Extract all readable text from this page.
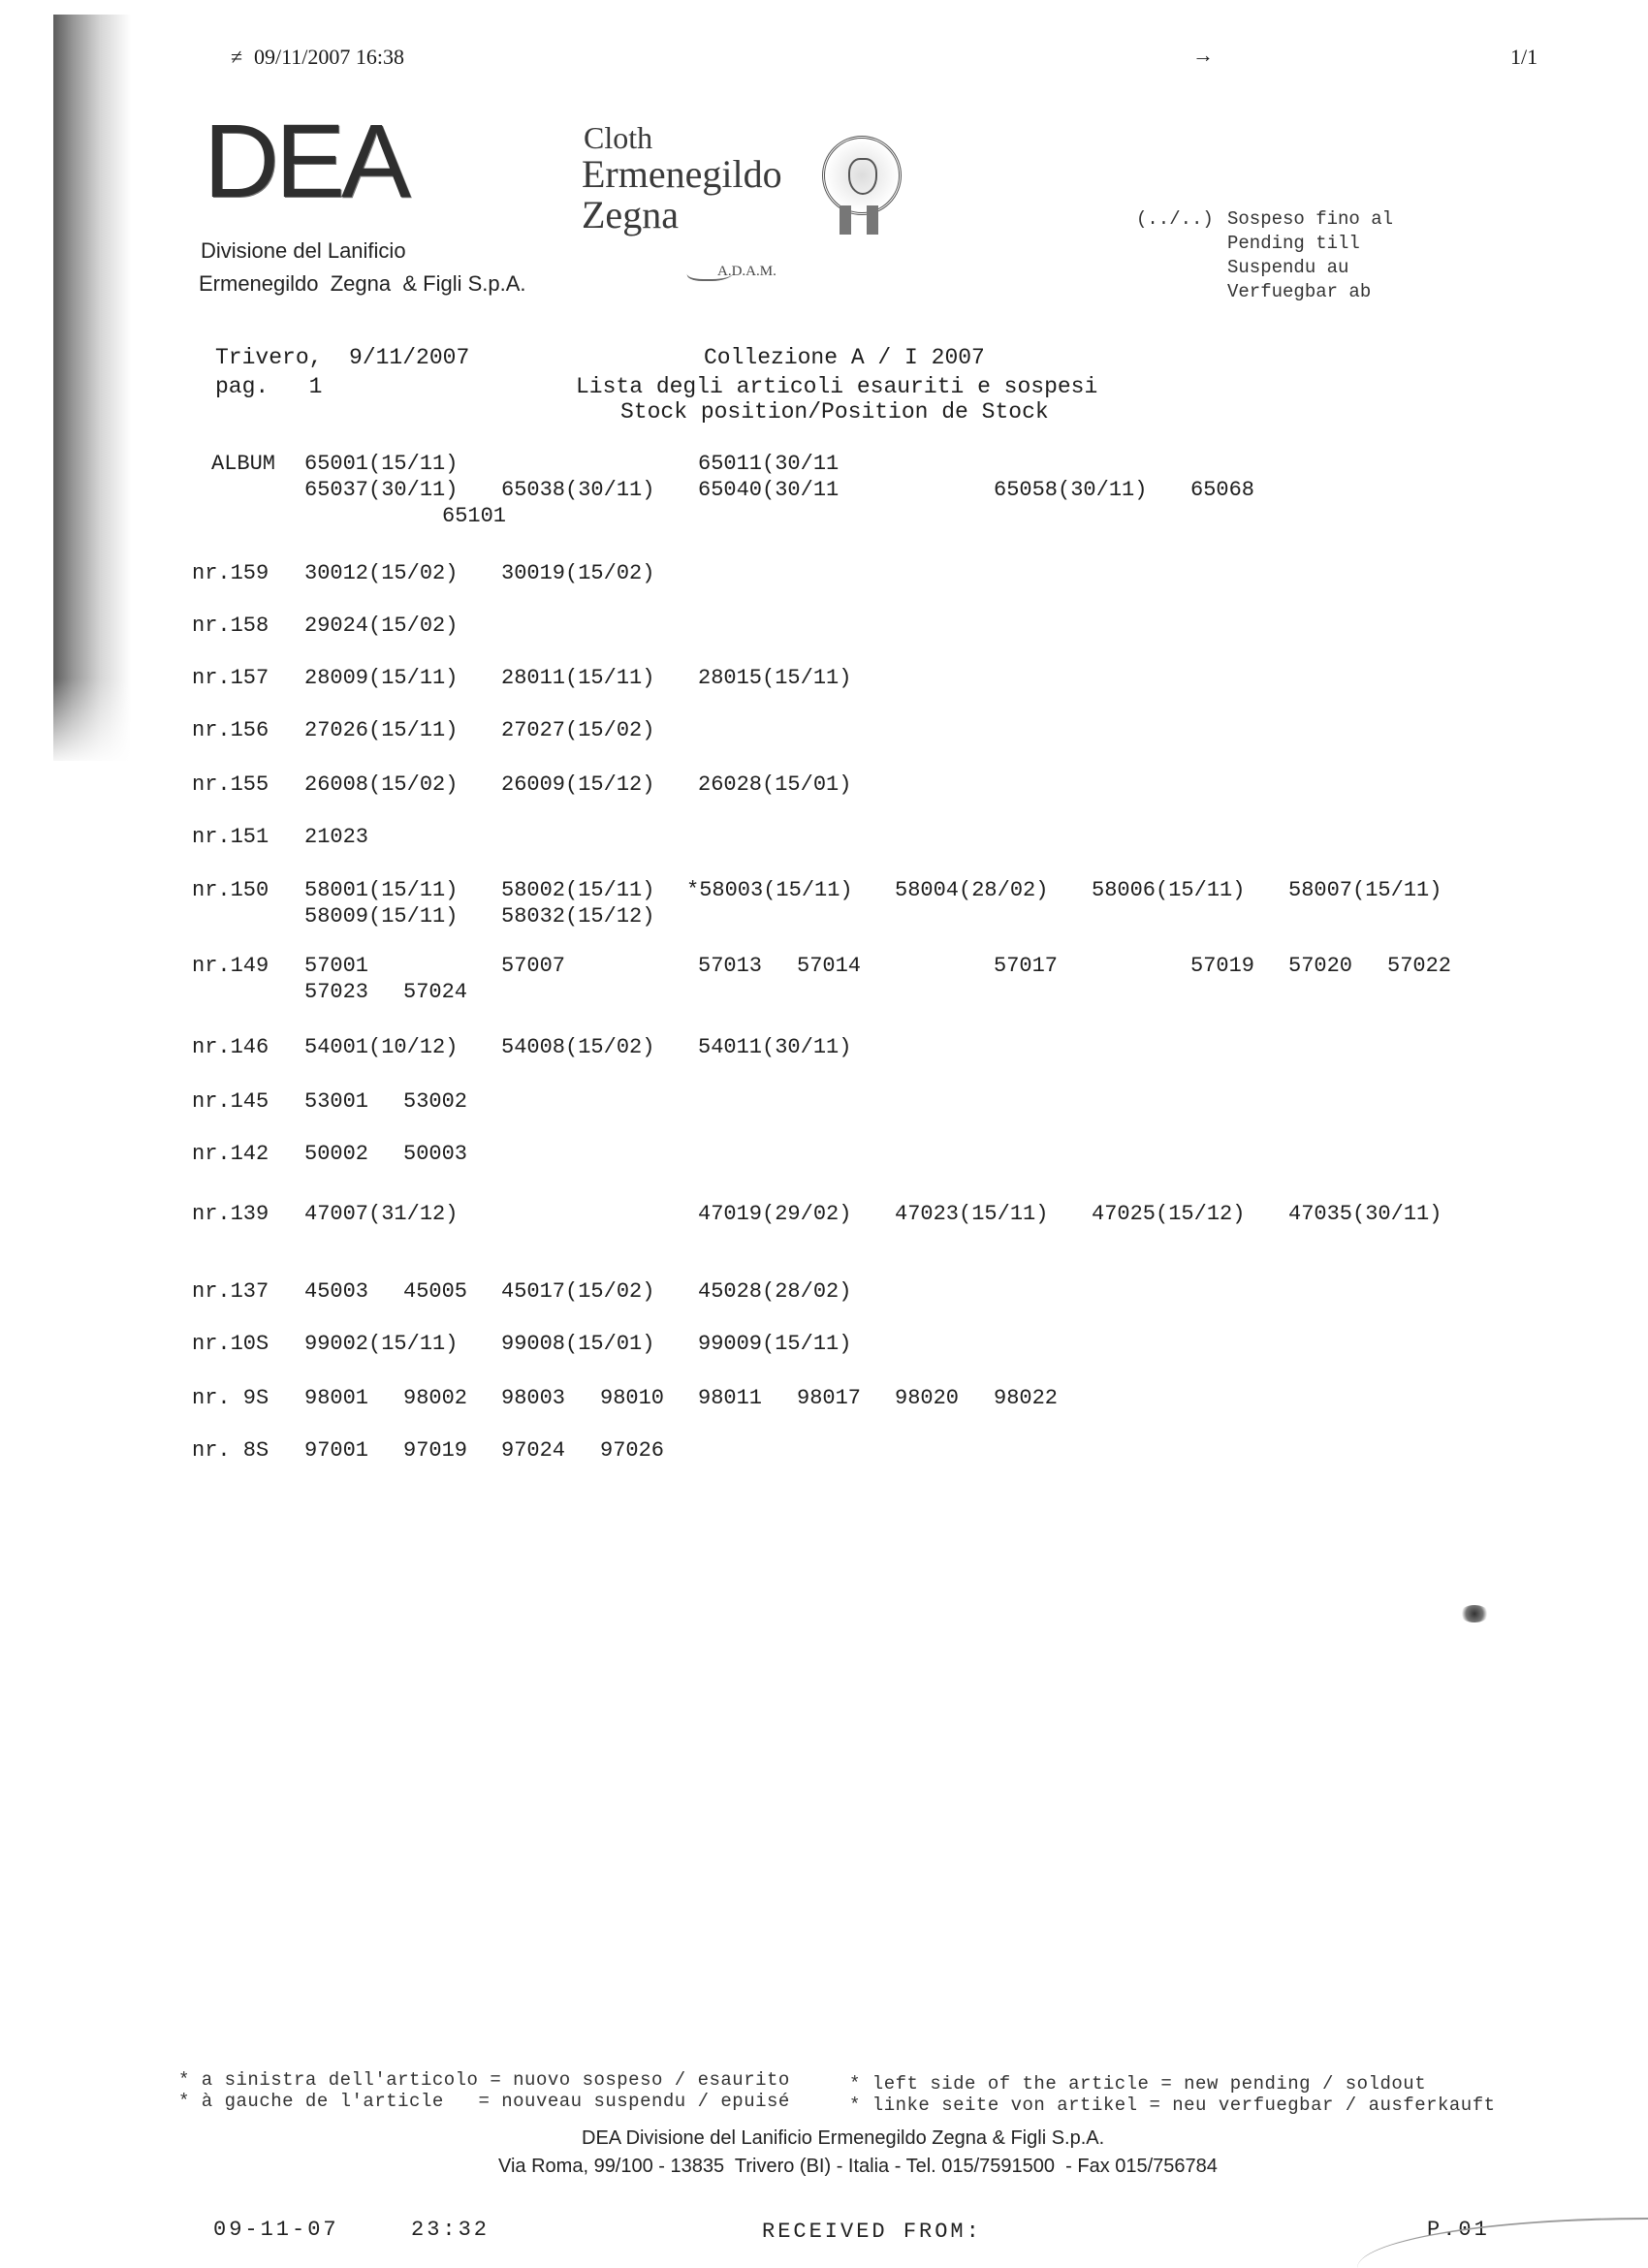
≠ 09/11/2007 16:38	→	1/1
DEA
Divisione del Lanificio
Ermenegildo  Zegna  & Figli S.p.A.
Cloth
Ermenegildo
Zegna
A.D.A.M.
(../..) Sospeso fino al
Pending till
Suspendu au
Verfuegbar ab
Trivero,  9/11/2007
pag.   1
Collezione A / I 2007
Lista degli articoli esauriti e sospesi
Stock position/Position de Stock
ALBUM 65001(15/11)	65011(30/11
65037(30/11) 65038(30/11) 65040(30/11	65058(30/11) 65068
65101
nr.159 30012(15/02) 30019(15/02)
nr.158 29024(15/02)
nr.157 28009(15/11) 28011(15/11) 28015(15/11)
nr.156 27026(15/11) 27027(15/02)
nr.155 26008(15/02) 26009(15/12) 26028(15/01)
nr.151 21023
nr.150 58001(15/11) 58002(15/11) *58003(15/11) 58004(28/02) 58006(15/11) 58007(15/11)
58009(15/11) 58032(15/12)
nr.149 57001	57007	57013 57014	57017	57019 57020 57022
57023 57024
nr.146 54001(10/12) 54008(15/02) 54011(30/11)
nr.145 53001 53002
nr.142 50002 50003
nr.139 47007(31/12)	47019(29/02) 47023(15/11) 47025(15/12) 47035(30/11)
nr.137 45003 45005 45017(15/02) 45028(28/02)
nr.10S 99002(15/11) 99008(15/01) 99009(15/11)
nr. 9S 98001 98002 98003 98010 98011 98017 98020 98022
nr. 8S 97001 97019 97024 97026
* a sinistra dell'articolo = nuovo sospeso / esaurito	* left side of the article = new pending / soldout
* à gauche de l'article   = nouveau suspendu / epuisé	* linke seite von artikel = neu verfuegbar / ausferkauft
DEA Divisione del Lanificio Ermenegildo Zegna & Figli S.p.A.
Via Roma, 99/100 - 13835  Trivero (BI) - Italia - Tel. 015/7591500  - Fax 015/756784
09-11-07	23:32	RECEIVED FROM:	P.01
